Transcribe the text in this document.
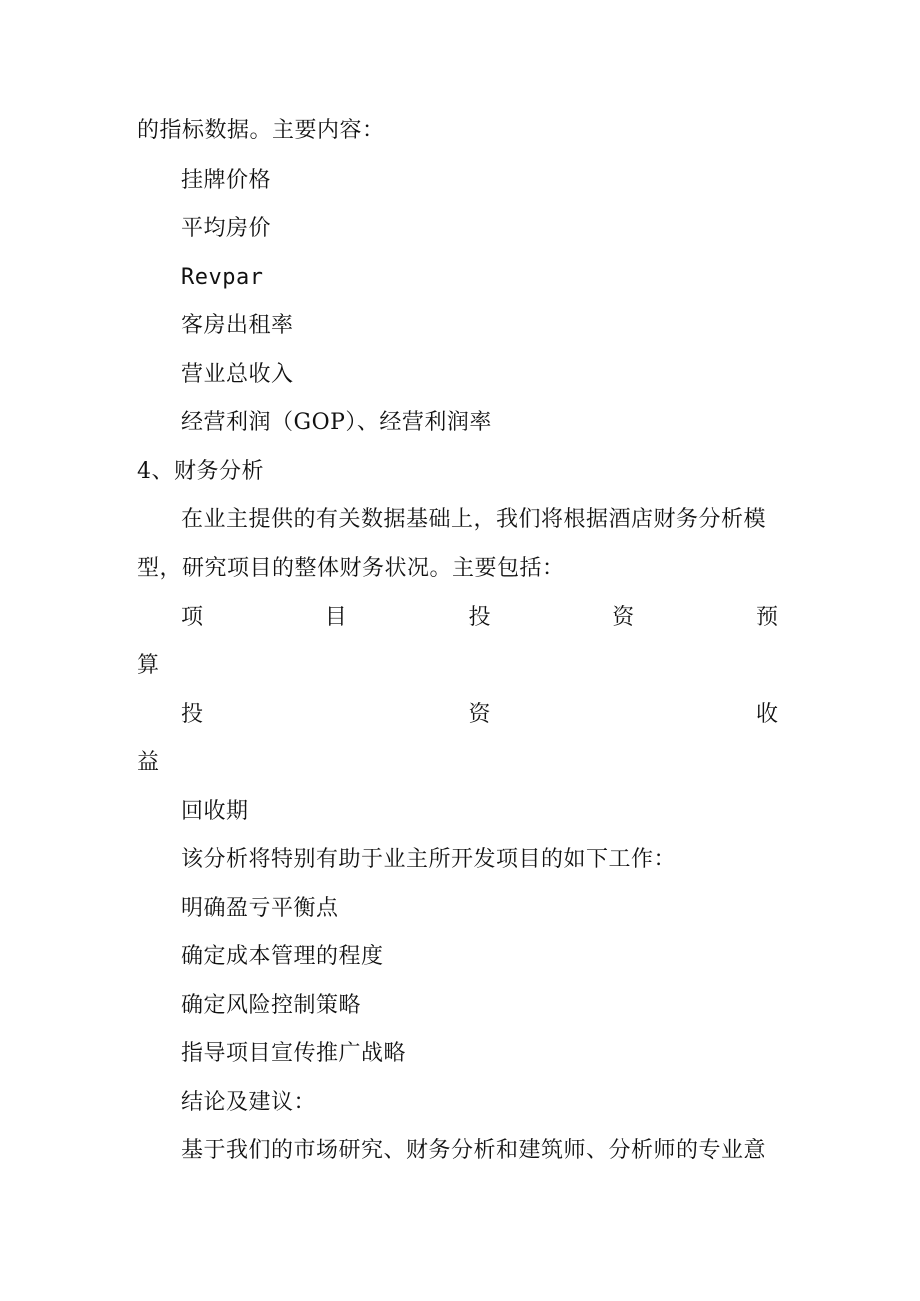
的指标数据。主要内容：
挂牌价格
平均房价
Revpar
客房出租率
营业总收入
经营利润（GOP）、经营利润率
4、财务分析
在业主提供的有关数据基础上，我们将根据酒店财务分析模
型，研究项目的整体财务状况。主要包括：
项	目	投	资	预
算
投	资	收
益
回收期
该分析将特别有助于业主所开发项目的如下工作：
明确盈亏平衡点
确定成本管理的程度
确定风险控制策略
指导项目宣传推广战略
结论及建议：
基于我们的市场研究、财务分析和建筑师、分析师的专业意
